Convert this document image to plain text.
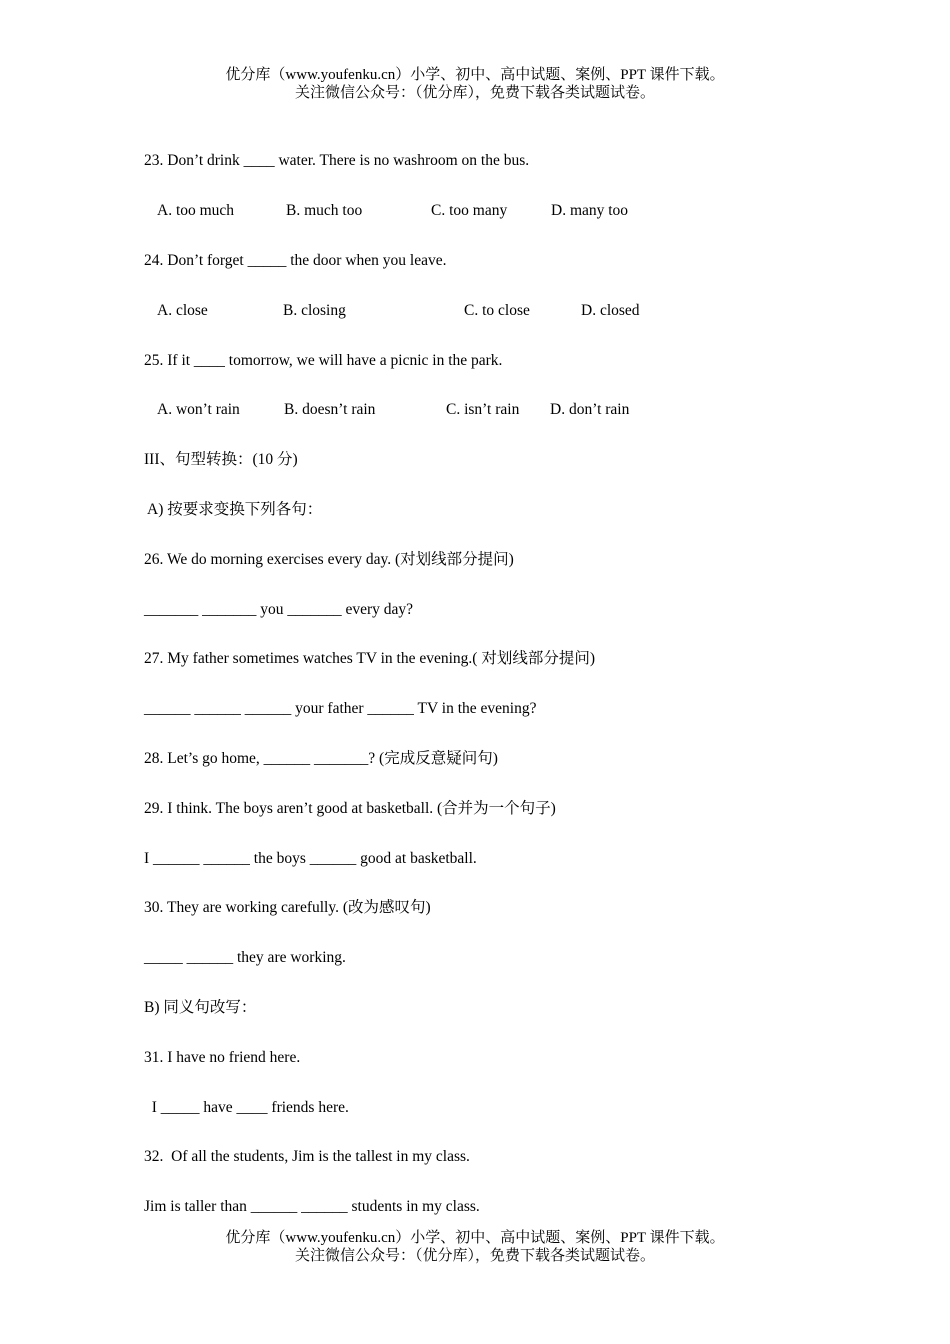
优分库（www.youfenku.cn）小学、初中、高中试题、案例、PPT 课件下载。
关注微信公众号：（优分库），免费下载各类试题试卷。
23. Don’t drink ____ water. There is no washroom on the bus.
A. too much	B. much too	C. too many	D. many too
24. Don’t forget _____ the door when you leave.
A. close	B. closing	C. to close	D. closed
25. If it ____ tomorrow, we will have a picnic in the park.
A. won’t rain	B. doesn’t rain	C. isn’t rain D. don’t rain
III、句型转换：(10 分)
A) 按要求变换下列各句：
26. We do morning exercises every day. (对划线部分提问)
_______ _______ you _______ every day?
27. My father sometimes watches TV in the evening.( 对划线部分提问)
______ ______ ______ your father ______ TV in the evening?
28. Let’s go home, ______ _______? (完成反意疑问句)
29. I think. The boys aren’t good at basketball. (合并为一个句子)
I ______ ______ the boys ______ good at basketball.
30. They are working carefully. (改为感叹句)
_____ ______ they are working.
B) 同义句改写：
31. I have no friend here.
I _____ have ____ friends here.
32.  Of all the students, Jim is the tallest in my class.
Jim is taller than ______ ______ students in my class.
优分库（www.youfenku.cn）小学、初中、高中试题、案例、PPT 课件下载。
关注微信公众号：（优分库），免费下载各类试题试卷。
